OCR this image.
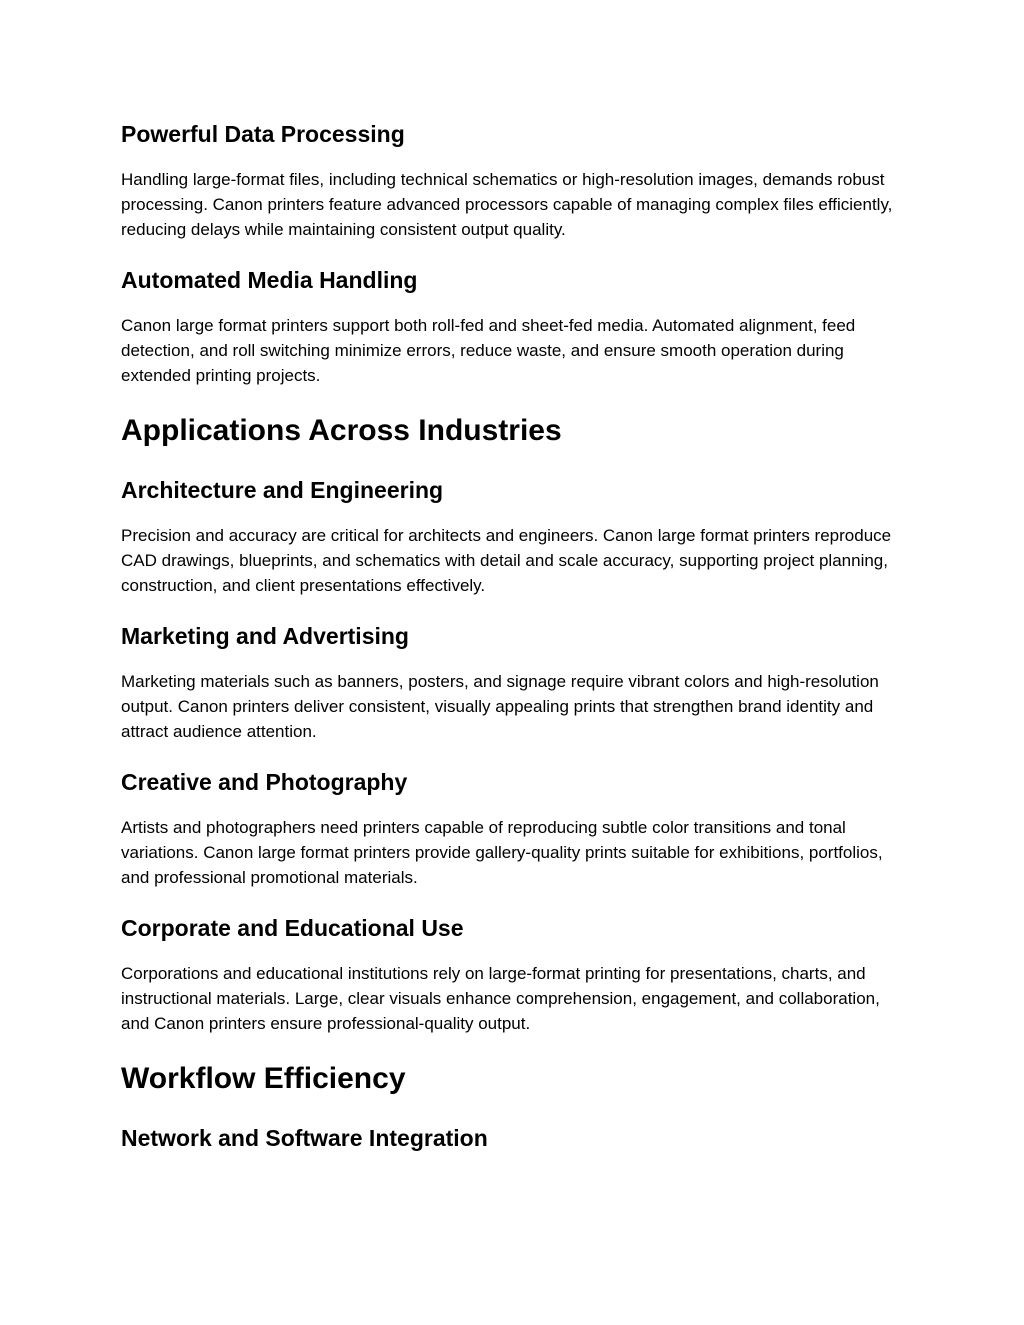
Powerful Data Processing

Handling large-format files, including technical schematics or high-resolution images, demands robust processing. Canon printers feature advanced processors capable of managing complex files efficiently, reducing delays while maintaining consistent output quality.

Automated Media Handling

Canon large format printers support both roll-fed and sheet-fed media. Automated alignment, feed detection, and roll switching minimize errors, reduce waste, and ensure smooth operation during extended printing projects.

Applications Across Industries
Architecture and Engineering

Precision and accuracy are critical for architects and engineers. Canon large format printers reproduce CAD drawings, blueprints, and schematics with detail and scale accuracy, supporting project planning, construction, and client presentations effectively.

Marketing and Advertising

Marketing materials such as banners, posters, and signage require vibrant colors and high-resolution output. Canon printers deliver consistent, visually appealing prints that strengthen brand identity and attract audience attention.

Creative and Photography

Artists and photographers need printers capable of reproducing subtle color transitions and tonal variations. Canon large format printers provide gallery-quality prints suitable for exhibitions, portfolios, and professional promotional materials.

Corporate and Educational Use

Corporations and educational institutions rely on large-format printing for presentations, charts, and instructional materials. Large, clear visuals enhance comprehension, engagement, and collaboration, and Canon printers ensure professional-quality output.

Workflow Efficiency
Network and Software Integration
